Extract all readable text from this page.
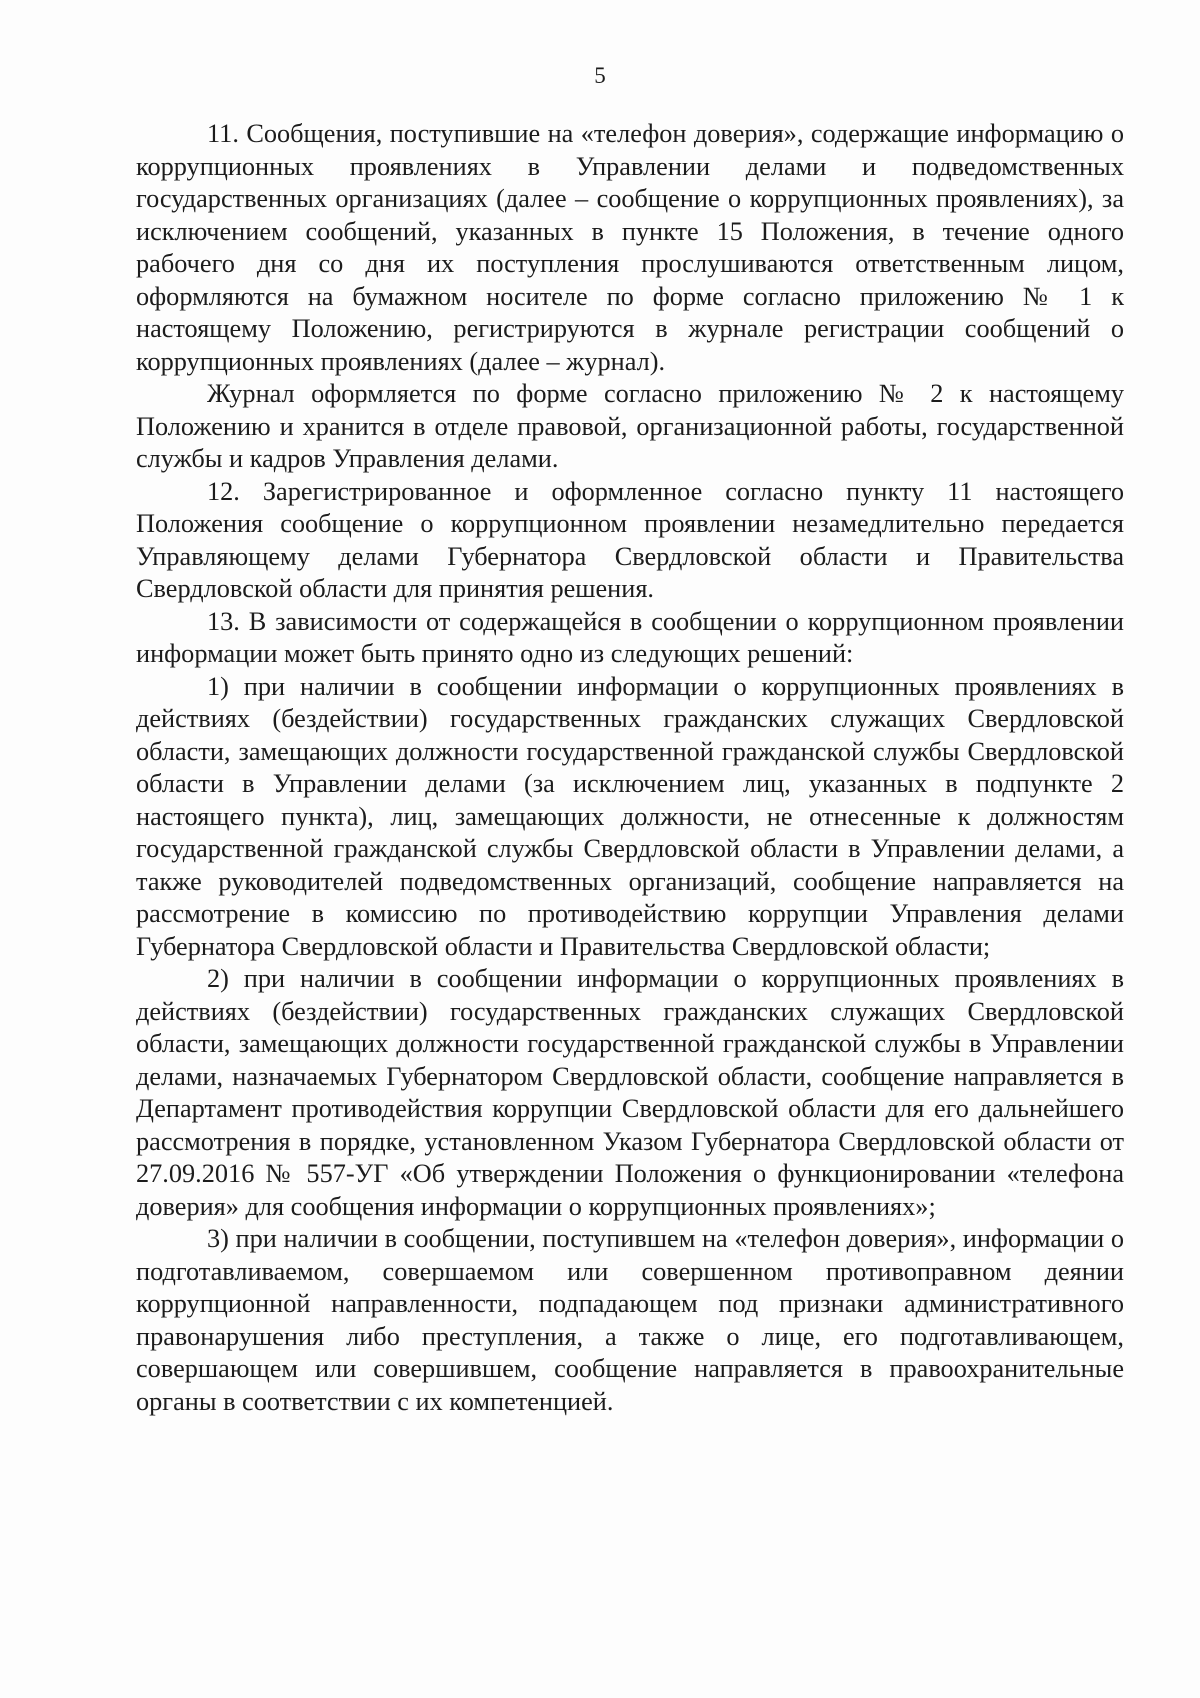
5

11. Сообщения, поступившие на «телефон доверия», содержащие информацию о коррупционных проявлениях в Управлении делами и подведомственных государственных организациях (далее – сообщение о коррупционных проявлениях), за исключением сообщений, указанных в пункте 15 Положения, в течение одного рабочего дня со дня их поступления прослушиваются ответственным лицом, оформляются на бумажном носителе по форме согласно приложению № 1 к настоящему Положению, регистрируются в журнале регистрации сообщений о коррупционных проявлениях (далее – журнал).

Журнал оформляется по форме согласно приложению № 2 к настоящему Положению и хранится в отделе правовой, организационной работы, государственной службы и кадров Управления делами.

12. Зарегистрированное и оформленное согласно пункту 11 настоящего Положения сообщение о коррупционном проявлении незамедлительно передается Управляющему делами Губернатора Свердловской области и Правительства Свердловской области для принятия решения.

13. В зависимости от содержащейся в сообщении о коррупционном проявлении информации может быть принято одно из следующих решений:

1) при наличии в сообщении информации о коррупционных проявлениях в действиях (бездействии) государственных гражданских служащих Свердловской области, замещающих должности государственной гражданской службы Свердловской области в Управлении делами (за исключением лиц, указанных в подпункте 2 настоящего пункта), лиц, замещающих должности, не отнесенные к должностям государственной гражданской службы Свердловской области в Управлении делами, а также руководителей подведомственных организаций, сообщение направляется на рассмотрение в комиссию по противодействию коррупции Управления делами Губернатора Свердловской области и Правительства Свердловской области;

2) при наличии в сообщении информации о коррупционных проявлениях в действиях (бездействии) государственных гражданских служащих Свердловской области, замещающих должности государственной гражданской службы в Управлении делами, назначаемых Губернатором Свердловской области, сообщение направляется в Департамент противодействия коррупции Свердловской области для его дальнейшего рассмотрения в порядке, установленном Указом Губернатора Свердловской области от 27.09.2016 № 557-УГ «Об утверждении Положения о функционировании «телефона доверия» для сообщения информации о коррупционных проявлениях»;

3) при наличии в сообщении, поступившем на «телефон доверия», информации о подготавливаемом, совершаемом или совершенном противоправном деянии коррупционной направленности, подпадающем под признаки административного правонарушения либо преступления, а также о лице, его подготавливающем, совершающем или совершившем, сообщение направляется в правоохранительные органы в соответствии с их компетенцией.
